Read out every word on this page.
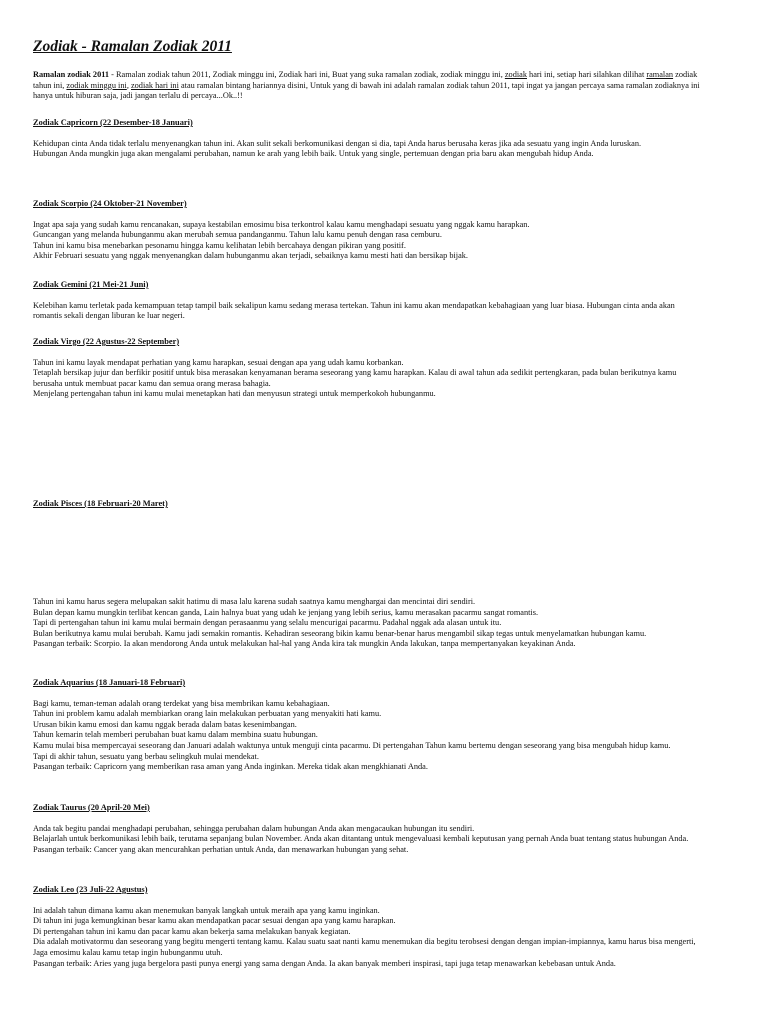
Zodiak - Ramalan Zodiak 2011

Ramalan zodiak 2011 - Ramalan zodiak tahun 2011, Zodiak minggu ini, Zodiak hari ini, Buat yang suka ramalan zodiak, zodiak minggu ini, zodiak hari ini, setiap hari silahkan dilihat ramalan zodiak tahun ini, zodiak minggu ini, zodiak hari ini atau ramalan bintang hariannya disini, Untuk yang di bawah ini adalah ramalan zodiak tahun 2011, tapi ingat ya jangan percaya sama ramalan zodiaknya ini hanya untuk hiburan saja, jadi jangan terlalu di percaya...Ok..!!

Zodiak Capricorn (22 Desember-18 Januari)

Kehidupan cinta Anda tidak terlalu menyenangkan tahun ini. Akan sulit sekali berkomunikasi dengan si dia, tapi Anda harus berusaha keras jika ada sesuatu yang ingin Anda luruskan.

Hubungan Anda mungkin juga akan mengalami perubahan, namun ke arah yang lebih baik. Untuk yang single, pertemuan dengan pria baru akan mengubah hidup Anda.

Zodiak Scorpio (24 Oktober-21 November)

Ingat apa saja yang sudah kamu rencanakan, supaya kestabilan emosimu bisa terkontrol kalau kamu menghadapi sesuatu yang nggak kamu harapkan.

Guncangan yang melanda hubunganmu akan merubah semua pandanganmu. Tahun lalu kamu penuh dengan rasa cemburu.

Tahun ini kamu bisa menebarkan pesonamu hingga kamu kelihatan lebih bercahaya dengan pikiran yang positif.

Akhir Februari sesuatu yang nggak menyenangkan dalam hubunganmu akan terjadi, sebaiknya kamu mesti hati dan bersikap bijak.

Zodiak Gemini (21 Mei-21 Juni)

Kelebihan kamu terletak pada kemampuan tetap tampil baik sekalipun kamu sedang merasa tertekan. Tahun ini kamu akan mendapatkan kebahagiaan yang luar biasa. Hubungan cinta anda akan romantis sekali dengan liburan ke luar negeri.

Zodiak Virgo (22 Agustus-22 September)

Tahun ini kamu layak mendapat perhatian yang kamu harapkan, sesuai dengan apa yang udah kamu korbankan.

Tetaplah bersikap jujur dan berfikir positif untuk bisa merasakan kenyamanan berama seseorang yang kamu harapkan. Kalau di awal tahun ada sedikit pertengkaran, pada bulan berikutnya kamu berusaha untuk membuat pacar kamu dan semua orang merasa bahagia.

Menjelang pertengahan tahun ini kamu mulai menetapkan hati dan menyusun strategi untuk memperkokoh hubunganmu.

Zodiak Pisces (18 Februari-20 Maret)

Tahun ini kamu harus segera melupakan sakit hatimu di masa lalu karena sudah saatnya kamu menghargai dan mencintai diri sendiri.

Bulan depan kamu mungkin terlibat kencan ganda, Lain halnya buat yang udah ke jenjang yang lebih serius, kamu merasakan pacarmu sangat romantis.

Tapi di pertengahan tahun ini kamu mulai bermain dengan perasaanmu yang selalu mencurigai pacarmu. Padahal nggak ada alasan untuk itu.

Bulan berikutnya kamu mulai berubah. Kamu jadi semakin romantis. Kehadiran seseorang bikin kamu benar-benar harus mengambil sikap tegas untuk menyelamatkan hubungan kamu.

Pasangan terbaik: Scorpio. Ia akan mendorong Anda untuk melakukan hal-hal yang Anda kira tak mungkin Anda lakukan, tanpa mempertanyakan keyakinan Anda.

Zodiak Aquarius (18 Januari-18 Februari)

Bagi kamu, teman-teman adalah orang terdekat yang bisa membrikan kamu kebahagiaan.

Tahun ini problem kamu adalah membiarkan orang lain melakukan perbuatan yang menyakiti hati kamu.

Urusan bikin kamu emosi dan kamu nggak berada dalam batas kesenimbangan.

Tahun kemarin telah memberi perubahan buat kamu dalam membina suatu hubungan.

Kamu mulai bisa mempercayai seseorang dan Januari adalah waktunya untuk menguji cinta pacarmu. Di pertengahan Tahun kamu bertemu dengan seseorang yang bisa mengubah hidup kamu.

Tapi di akhir tahun, sesuatu yang berbau selingkuh mulai mendekat.

Pasangan terbaik: Capricorn yang memberikan rasa aman yang Anda inginkan. Mereka tidak akan mengkhianati Anda.

Zodiak Taurus (20 April-20 Mei)

Anda tak begitu pandai menghadapi perubahan, sehingga perubahan dalam hubungan Anda akan mengacaukan hubungan itu sendiri.

Belajarlah untuk berkomunikasi lebih baik, terutama sepanjang bulan November. Anda akan ditantang untuk mengevaluasi kembali keputusan yang pernah Anda buat tentang status hubungan Anda.

Pasangan terbaik: Cancer yang akan mencurahkan perhatian untuk Anda, dan menawarkan hubungan yang sehat.

Zodiak Leo (23 Juli-22 Agustus)

Ini adalah tahun dimana kamu akan menemukan banyak langkah untuk meraih apa yang kamu inginkan.

Di tahun ini juga kemungkinan besar kamu akan mendapatkan pacar sesuai dengan apa yang kamu harapkan.

Di pertengahan tahun ini kamu dan pacar kamu akan bekerja sama melakukan banyak kegiatan.

Dia adalah motivatormu dan seseorang yang begitu mengerti tentang kamu. Kalau suatu saat nanti kamu menemukan dia begitu terobsesi dengan dengan impian-impiannya, kamu harus bisa mengerti, Jaga emosimu kalau kamu tetap ingin hubunganmu utuh.

Pasangan terbaik: Aries yang juga bergelora pasti punya energi yang sama dengan Anda. Ia akan banyak memberi inspirasi, tapi juga tetap menawarkan kebebasan untuk Anda.
